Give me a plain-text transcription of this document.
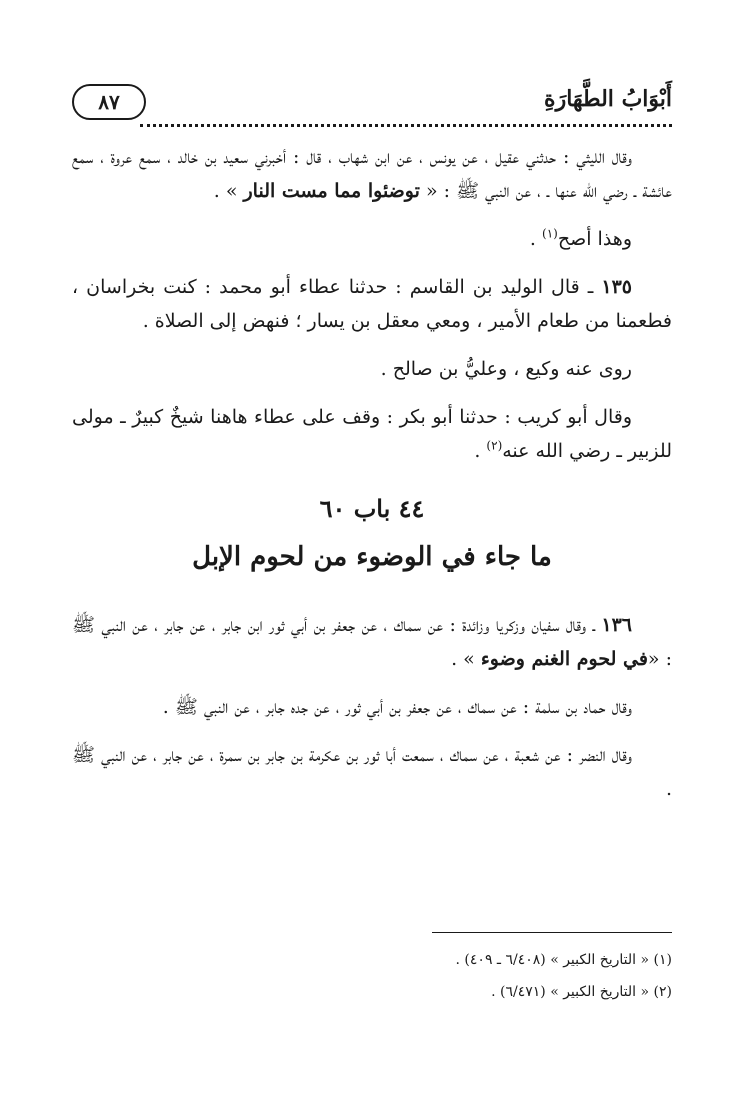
أَبْوَابُ الطَّهَارَةِ
٨٧

وقال الليثي : حدثني عقيل ، عن يونس ، عن ابن شهاب ، قال : أخبرني سعيد بن خالد ، سمع عروة ، سمع عائشة ـ رضي الله عنها ـ ، عن النبي ﷺ : « توضئوا مما مست النار » .

وهذا أصح$^{(١)}$ .

١٣٥ ـ قال الوليد بن القاسم : حدثنا عطاء أبو محمد : كنت بخراسان ، فطعمنا من طعام الأمير ، ومعي معقل بن يسار ؛ فنهض إلى الصلاة .

روى عنه وكيع ، وعليُّ بن صالح .

وقال أبو كريب : حدثنا أبو بكر : وقف على عطاء هاهنا شيخٌ كبيرٌ ـ مولى للزبير ـ رضي الله عنه$^{(٢)}$ .

٤٤ باب ٦٠

ما جاء في الوضوء من لحوم الإبل

١٣٦ ـ وقال سفيان وزكريا وزائدة : عن سماك ، عن جعفر بن أبي ثور ابن جابر ، عن جابر ، عن النبي ﷺ : «في لحوم الغنم وضوء » .

وقال حماد بن سلمة : عن سماك ، عن جعفر بن أبي ثور ، عن جده جابر ، عن النبي ﷺ .

وقال النضر : عن شعبة ، عن سماك ، سمعت أبا ثور بن عكرمة بن جابر بن سمرة ، عن جابر ، عن النبي ﷺ .

(١) « التاريخ الكبير » (٦/٤٠٨ ـ ٤٠٩) .

(٢) « التاريخ الكبير » (٦/٤٧١) .
